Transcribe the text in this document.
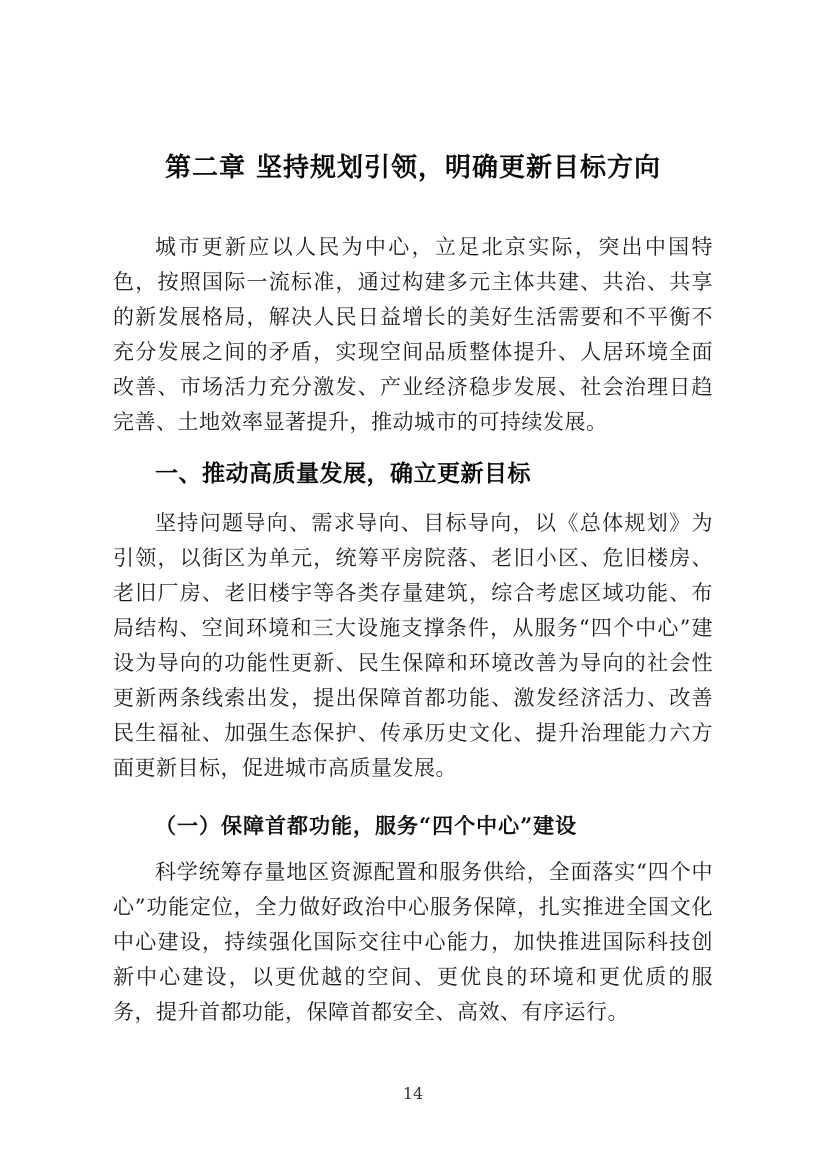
第二章 坚持规划引领，明确更新目标方向

城市更新应以人民为中心，立足北京实际，突出中国特色，按照国际一流标准，通过构建多元主体共建、共治、共享的新发展格局，解决人民日益增长的美好生活需要和不平衡不充分发展之间的矛盾，实现空间品质整体提升、人居环境全面改善、市场活力充分激发、产业经济稳步发展、社会治理日趋完善、土地效率显著提升，推动城市的可持续发展。

一、推动高质量发展，确立更新目标

坚持问题导向、需求导向、目标导向，以《总体规划》为引领，以街区为单元，统筹平房院落、老旧小区、危旧楼房、老旧厂房、老旧楼宇等各类存量建筑，综合考虑区域功能、布局结构、空间环境和三大设施支撑条件，从服务“四个中心”建设为导向的功能性更新、民生保障和环境改善为导向的社会性更新两条线索出发，提出保障首都功能、激发经济活力、改善民生福祉、加强生态保护、传承历史文化、提升治理能力六方面更新目标，促进城市高质量发展。

（一）保障首都功能，服务“四个中心”建设

科学统筹存量地区资源配置和服务供给，全面落实“四个中心”功能定位，全力做好政治中心服务保障，扎实推进全国文化中心建设，持续强化国际交往中心能力，加快推进国际科技创新中心建设，以更优越的空间、更优良的环境和更优质的服务，提升首都功能，保障首都安全、高效、有序运行。

14
